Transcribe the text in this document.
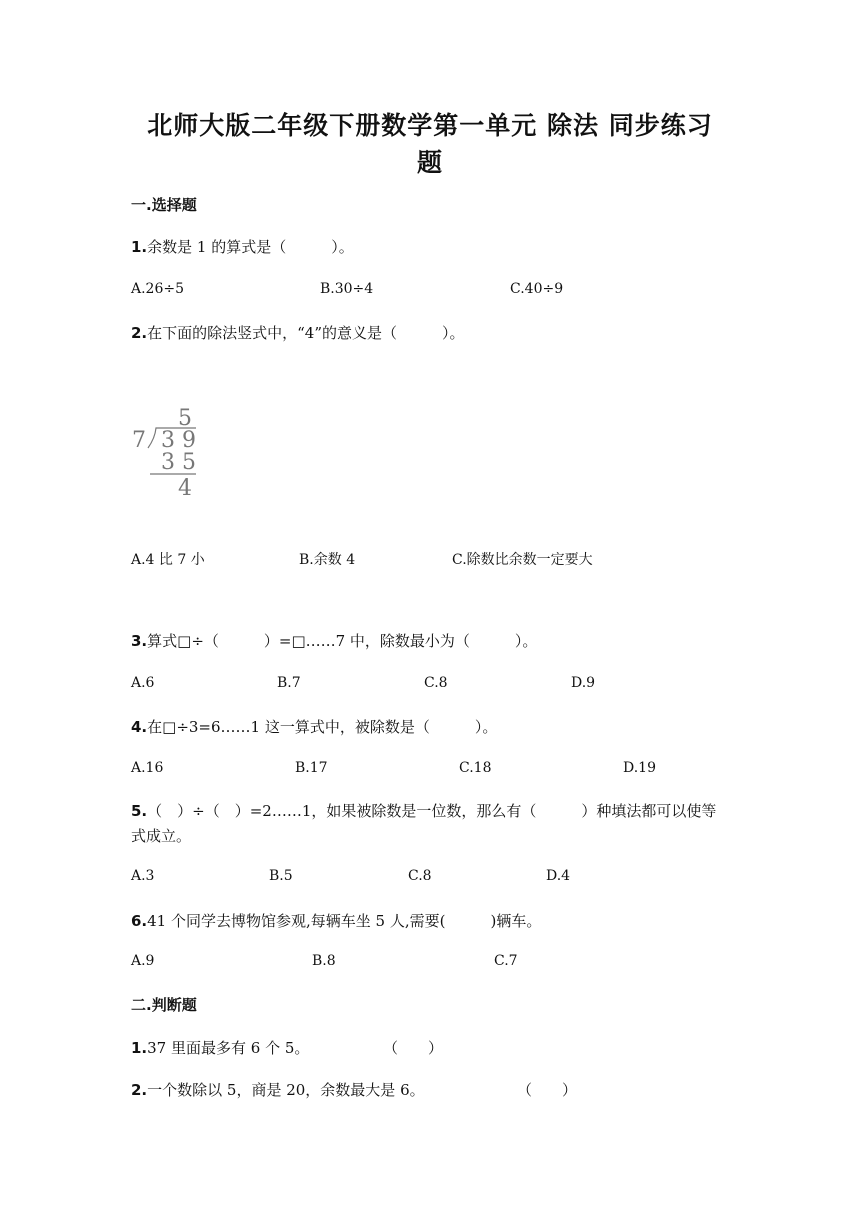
北师大版二年级下册数学第一单元 除法 同步练习
题
一.选择题
1.余数是 1 的算式是（　　　）。
A.26÷5	B.30÷4	C.40÷9
2.在下面的除法竖式中，“4”的意义是（　　　）。
5
7 3 9
3 5
4
A.4 比 7 小	B.余数 4	C.除数比余数一定要大
3.算式□÷（　　　）=□……7 中，除数最小为（　　　）。
A.6	B.7	C.8	D.9
4.在□÷3=6……1 这一算式中，被除数是（　　　）。
A.16	B.17	C.18	D.19
5.（　）÷（　）=2……1，如果被除数是一位数，那么有（　　　）种填法都可以使等式成立。
A.3	B.5	C.8	D.4
6.41 个同学去博物馆参观,每辆车坐 5 人,需要(　　　)辆车。
A.9	B.8	C.7
二.判断题
1.37 里面最多有 6 个 5。	（　　）
2.一个数除以 5，商是 20，余数最大是 6。	（　　）
